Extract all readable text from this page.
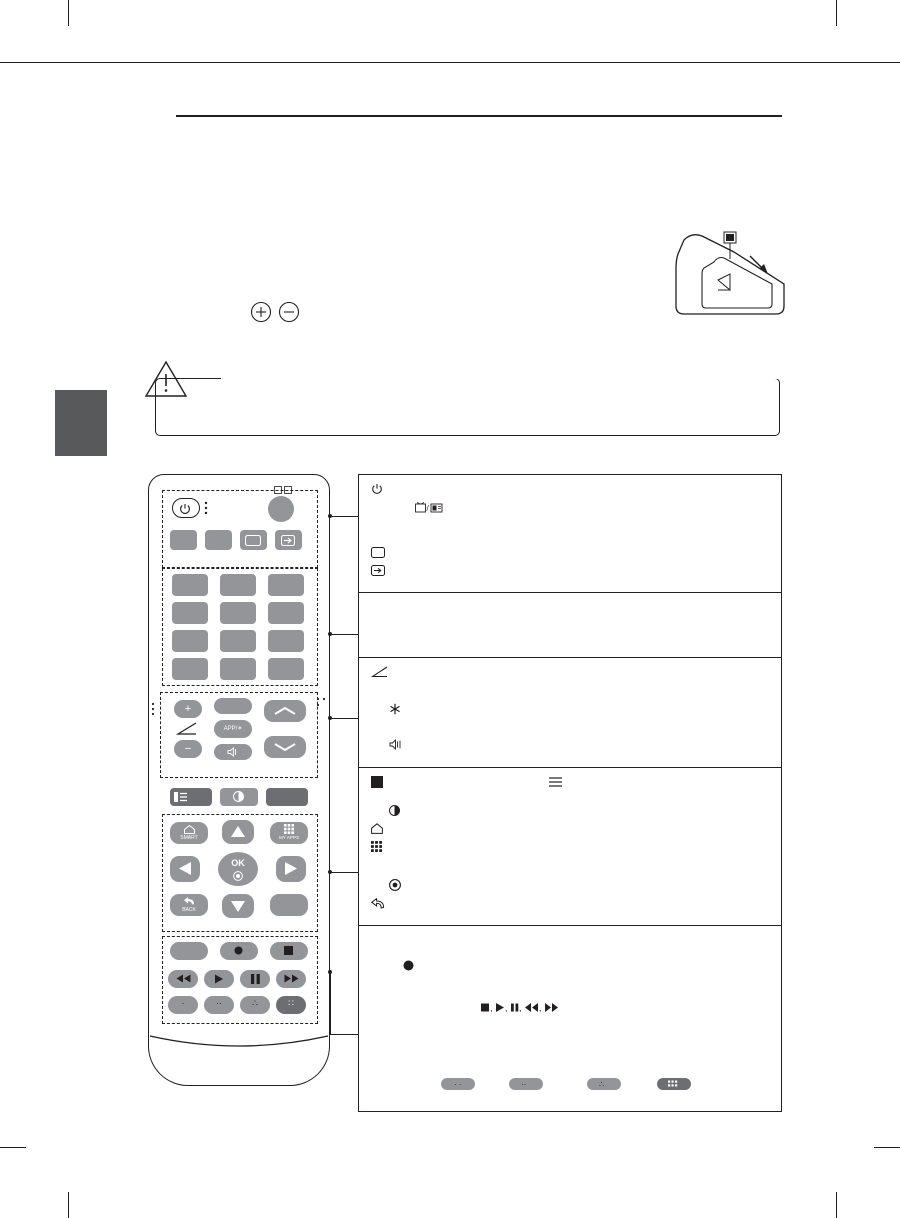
+
−
APP/✶
SMART	MY APPS
OK
BACK
·	··	∴	∷
/

, , , ,
· ·	··	∴
